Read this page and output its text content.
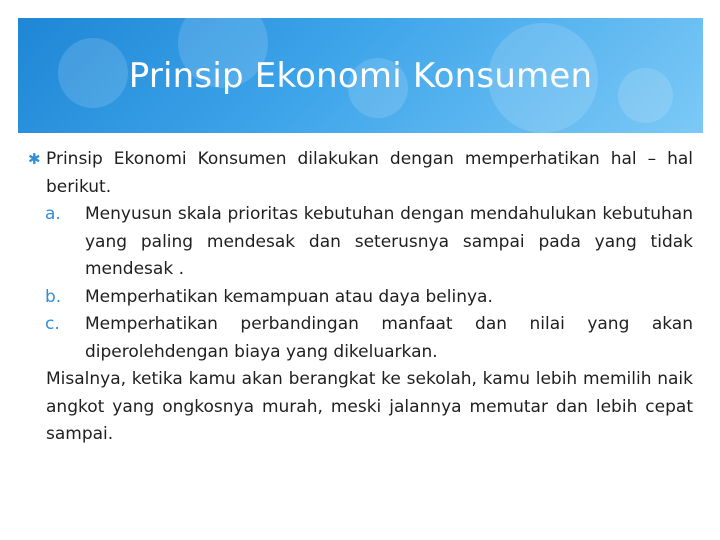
Prinsip Ekonomi Konsumen
✱ Prinsip Ekonomi Konsumen dilakukan dengan memperhatikan hal – hal berikut.
a. Menyusun skala prioritas kebutuhan dengan mendahulukan kebutuhan yang paling mendesak dan seterusnya sampai pada yang tidak mendesak .
b. Memperhatikan kemampuan atau daya belinya.
c. Memperhatikan perbandingan manfaat dan nilai yang akan diperolehdengan biaya yang dikeluarkan.
Misalnya, ketika kamu akan berangkat ke sekolah, kamu lebih memilih naik angkot yang ongkosnya murah, meski jalannya memutar dan lebih cepat sampai.
